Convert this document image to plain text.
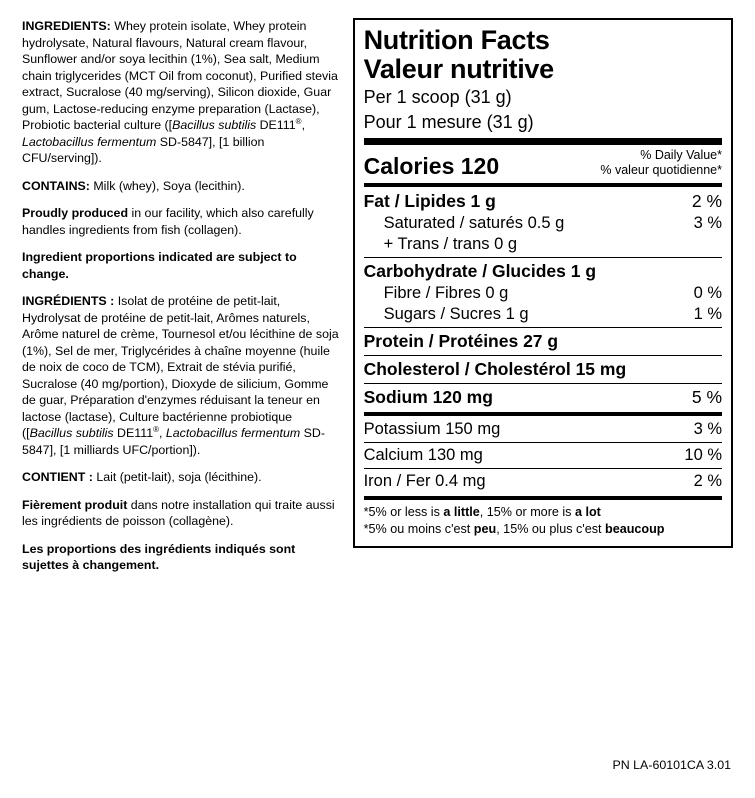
INGREDIENTS: Whey protein isolate, Whey protein hydrolysate, Natural flavours, Natural cream flavour, Sunflower and/or soya lecithin (1%), Sea salt, Medium chain triglycerides (MCT Oil from coconut), Purified stevia extract, Sucralose (40 mg/serving), Silicon dioxide, Guar gum, Lactose-reducing enzyme preparation (Lactase), Probiotic bacterial culture ([Bacillus subtilis DE111®, Lactobacillus fermentum SD-5847], [1 billion CFU/serving]).

CONTAINS: Milk (whey), Soya (lecithin).

Proudly produced in our facility, which also carefully handles ingredients from fish (collagen).

Ingredient proportions indicated are subject to change.

INGRÉDIENTS : Isolat de protéine de petit-lait, Hydrolysat de protéine de petit-lait, Arômes naturels, Arôme naturel de crème, Tournesol et/ou lécithine de soja (1%), Sel de mer, Triglycérides à chaîne moyenne (huile de noix de coco de TCM), Extrait de stévia purifié, Sucralose (40 mg/portion), Dioxyde de silicium, Gomme de guar, Préparation d'enzymes réduisant la teneur en lactose (lactase), Culture bactérienne probiotique ([Bacillus subtilis DE111®, Lactobacillus fermentum SD-5847], [1 milliards UFC/portion]).

CONTIENT : Lait (petit-lait), soja (lécithine).

Fièrement produit dans notre installation qui traite aussi les ingrédients de poisson (collagène).

Les proportions des ingrédients indiqués sont sujettes à changement.

Nutrition Facts
Valeur nutritive
Per 1 scoop (31 g)
Pour 1 mesure (31 g)
Calories 120	% Daily Value*
% valeur quotidienne*
Fat / Lipides 1 g	2 %
Saturated / saturés 0.5 g	3 %
+ Trans / trans 0 g
Carbohydrate / Glucides 1 g
Fibre / Fibres 0 g	0 %
Sugars / Sucres 1 g	1 %
Protein / Protéines 27 g
Cholesterol / Cholestérol 15 mg
Sodium 120 mg	5 %
Potassium 150 mg	3 %
Calcium 130 mg	10 %
Iron / Fer 0.4 mg	2 %
*5% or less is a little, 15% or more is a lot
*5% ou moins c'est peu, 15% ou plus c'est beaucoup
PN LA-60101CA 3.01
